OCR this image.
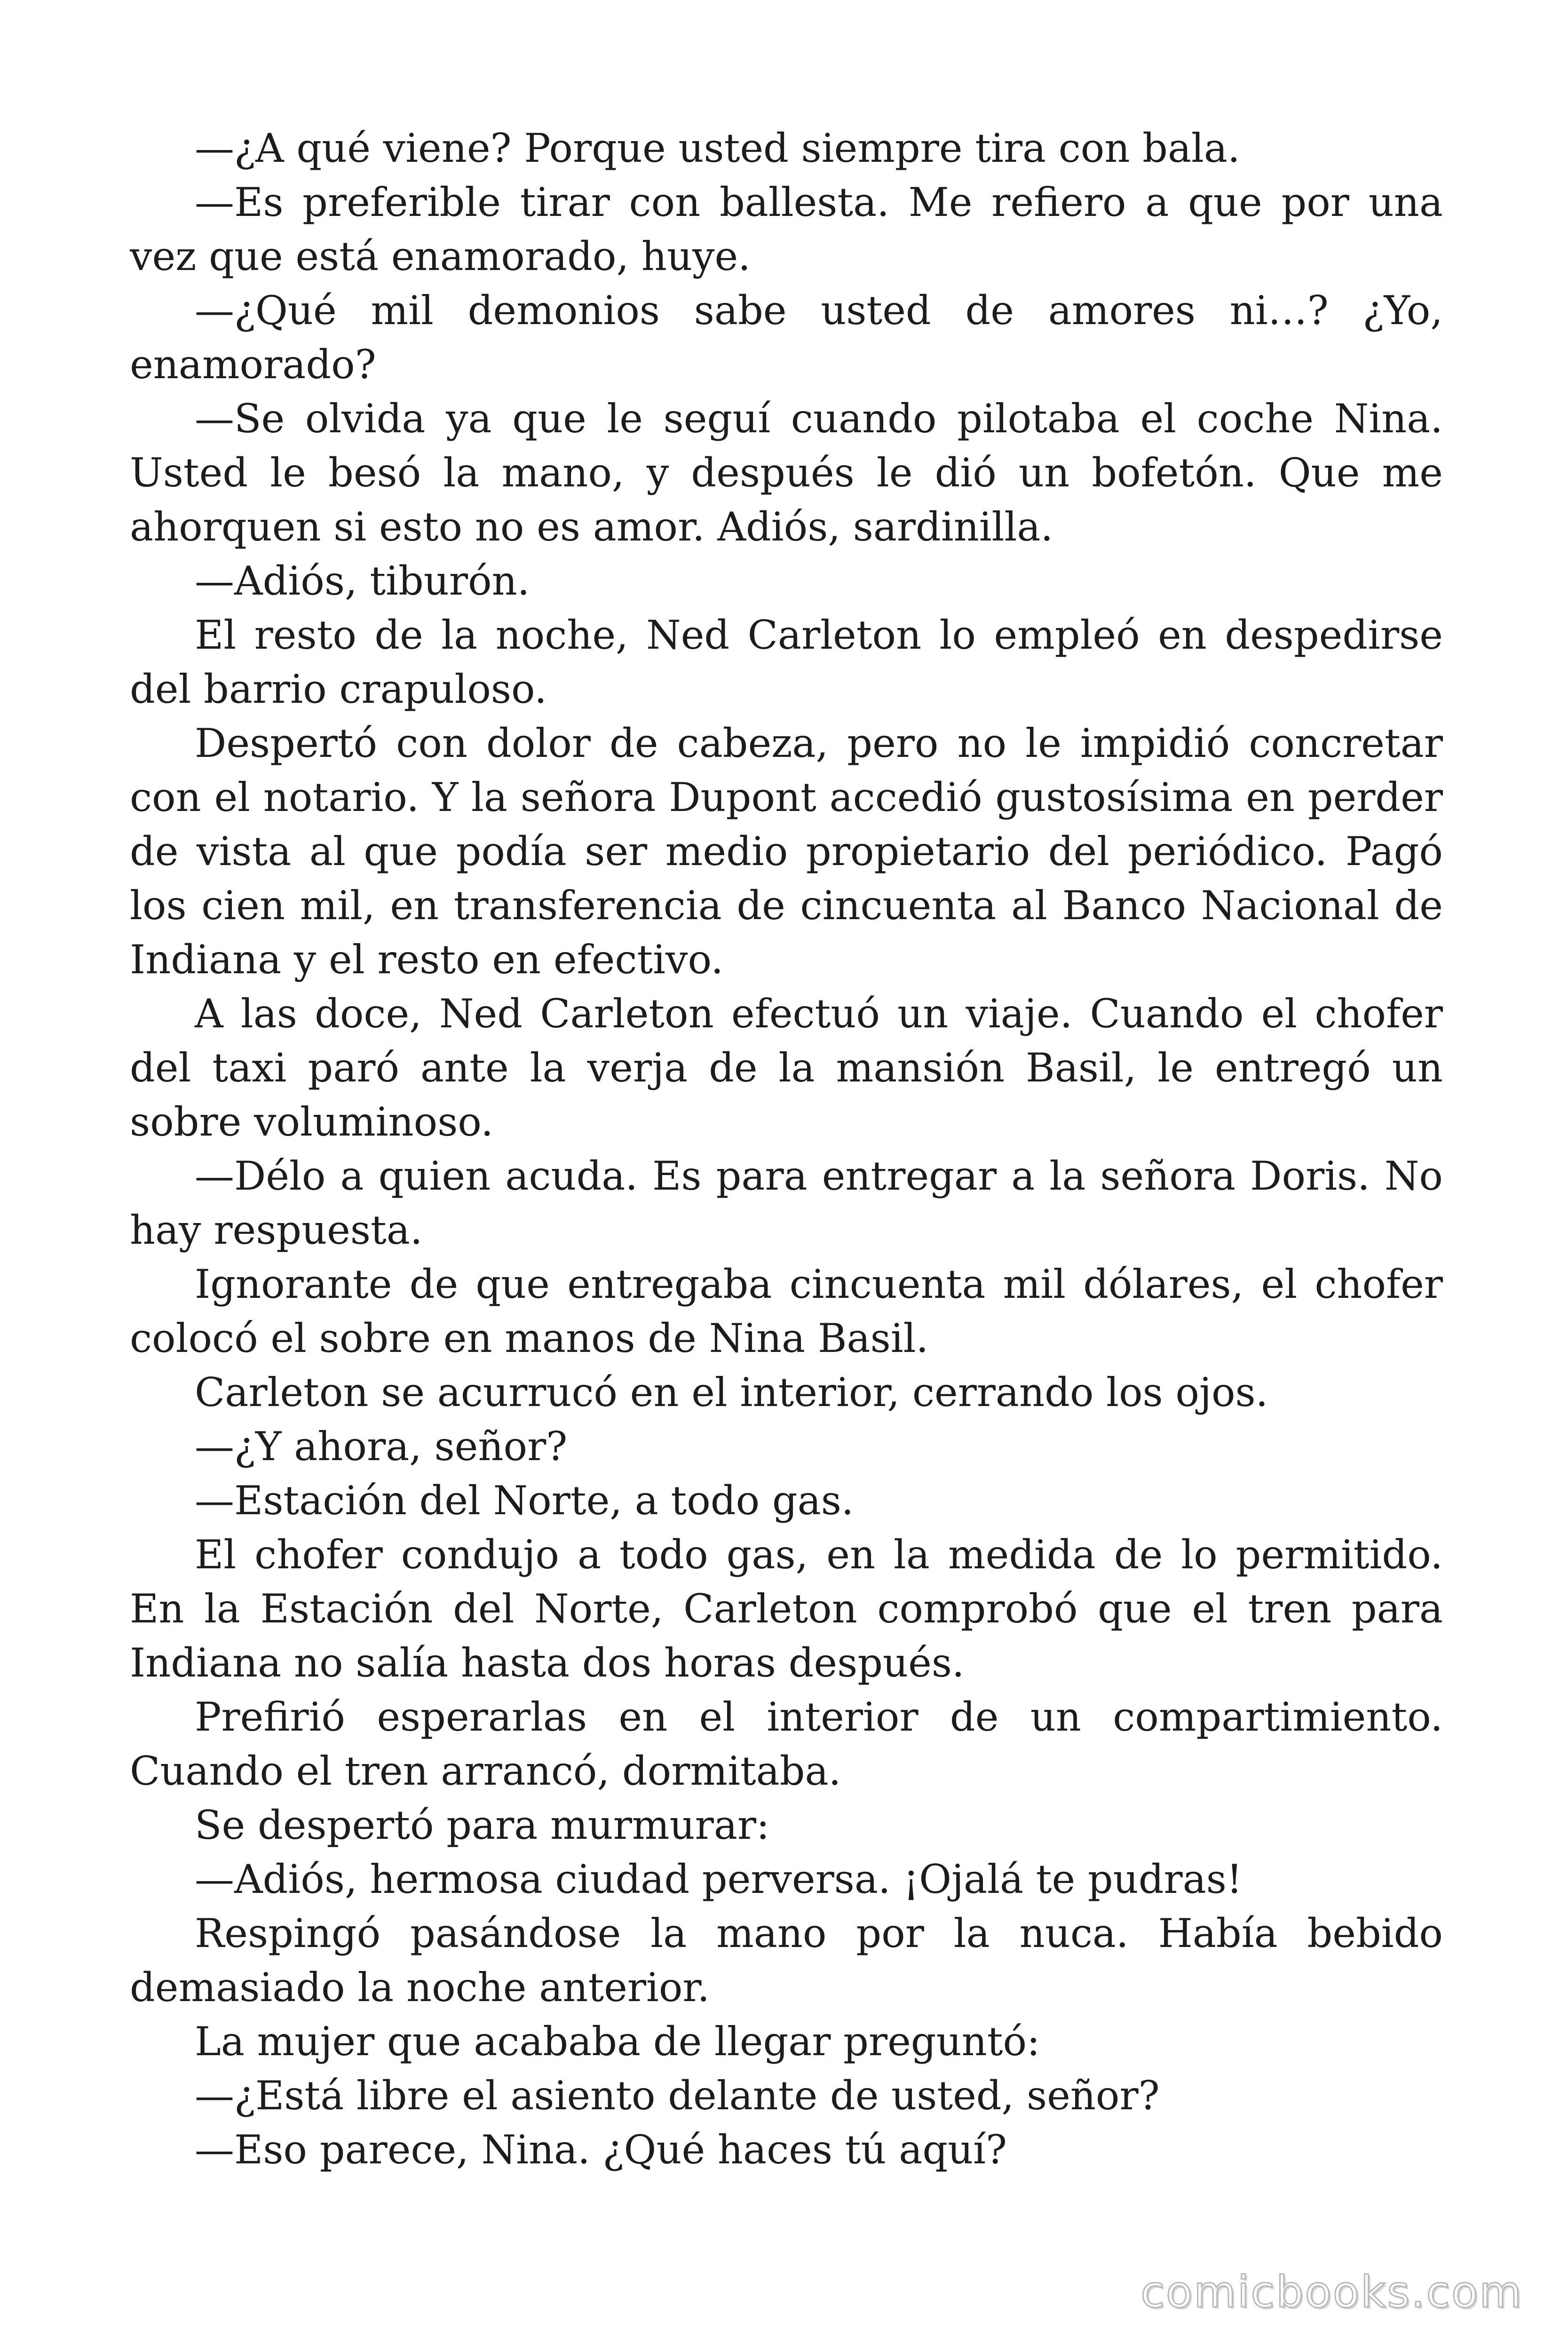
—¿A qué viene? Porque usted siempre tira con bala.

—Es preferible tirar con ballesta. Me refiero a que por una vez que está enamorado, huye.

—¿Qué mil demonios sabe usted de amores ni…? ¿Yo, enamorado?

—Se olvida ya que le seguí cuando pilotaba el coche Nina. Usted le besó la mano, y después le dió un bofetón. Que me ahorquen si esto no es amor. Adiós, sardinilla.

—Adiós, tiburón.

El resto de la noche, Ned Carleton lo empleó en despedirse del barrio crapuloso.

Despertó con dolor de cabeza, pero no le impidió concretar con el notario. Y la señora Dupont accedió gustosísima en perder de vista al que podía ser medio propietario del periódico. Pagó los cien mil, en transferencia de cincuenta al Banco Nacional de Indiana y el resto en efectivo.

A las doce, Ned Carleton efectuó un viaje. Cuando el chofer del taxi paró ante la verja de la mansión Basil, le entregó un sobre voluminoso.

—Délo a quien acuda. Es para entregar a la señora Doris. No hay respuesta.

Ignorante de que entregaba cincuenta mil dólares, el chofer colocó el sobre en manos de Nina Basil.

Carleton se acurrucó en el interior, cerrando los ojos.

—¿Y ahora, señor?

—Estación del Norte, a todo gas.

El chofer condujo a todo gas, en la medida de lo permitido. En la Estación del Norte, Carleton comprobó que el tren para Indiana no salía hasta dos horas después.

Prefirió esperarlas en el interior de un compartimiento. Cuando el tren arrancó, dormitaba.

Se despertó para murmurar:

—Adiós, hermosa ciudad perversa. ¡Ojalá te pudras!

Respingó pasándose la mano por la nuca. Había bebido demasiado la noche anterior.

La mujer que acababa de llegar preguntó:

—¿Está libre el asiento delante de usted, señor?

—Eso parece, Nina. ¿Qué haces tú aquí?

comicbooks.com
